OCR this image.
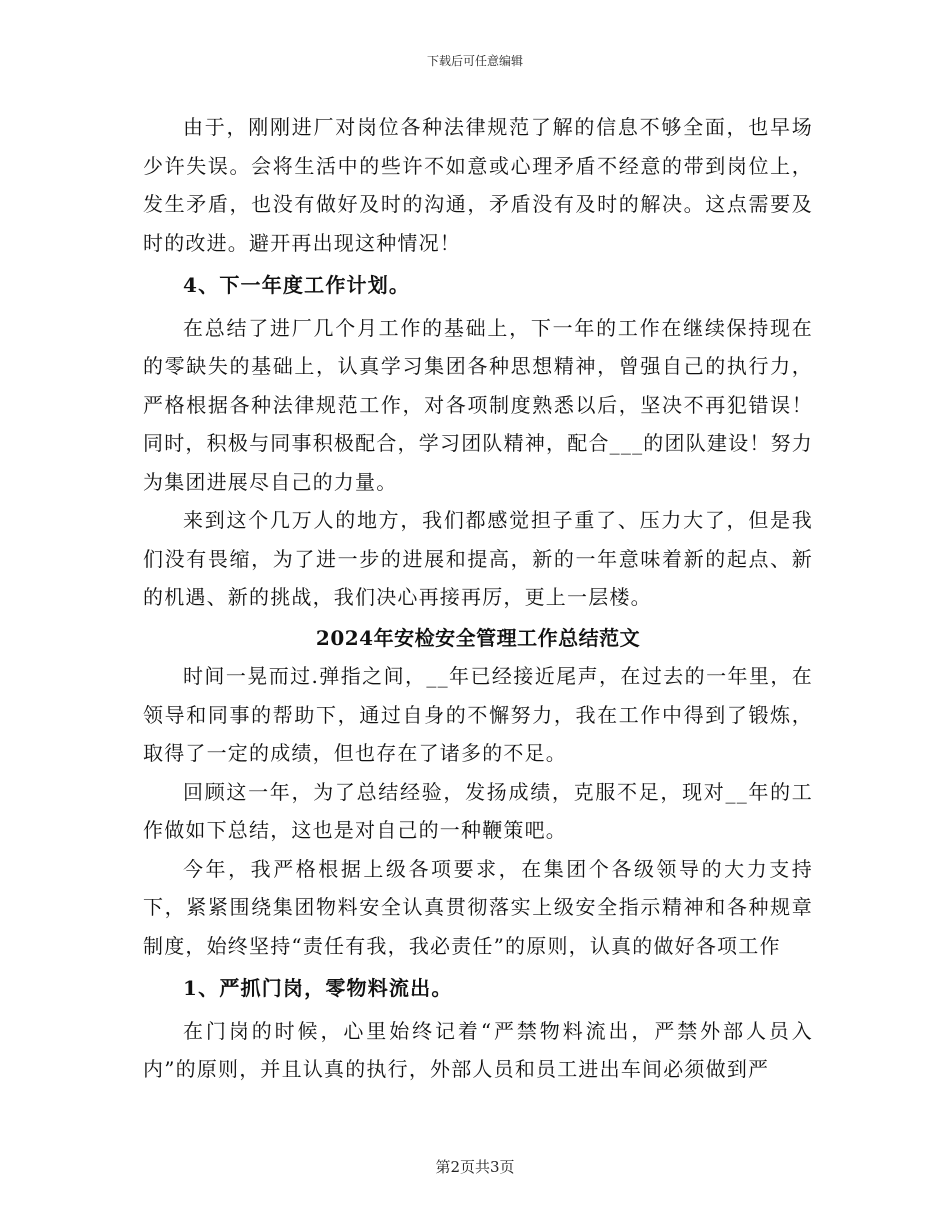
下载后可任意编辑

由于，刚刚进厂对岗位各种法律规范了解的信息不够全面，也早场少许失误。会将生活中的些许不如意或心理矛盾不经意的带到岗位上，发生矛盾，也没有做好及时的沟通，矛盾没有及时的解决。这点需要及时的改进。避开再出现这种情况！

4、下一年度工作计划。

在总结了进厂几个月工作的基础上，下一年的工作在继续保持现在的零缺失的基础上，认真学习集团各种思想精神，曾强自己的执行力，严格根据各种法律规范工作，对各项制度熟悉以后，坚决不再犯错误！同时，积极与同事积极配合，学习团队精神，配合___的团队建设！努力为集团进展尽自己的力量。

来到这个几万人的地方，我们都感觉担子重了、压力大了，但是我们没有畏缩，为了进一步的进展和提高，新的一年意味着新的起点、新的机遇、新的挑战，我们决心再接再厉，更上一层楼。

2024年安检安全管理工作总结范文

时间一晃而过.弹指之间，__年已经接近尾声，在过去的一年里，在领导和同事的帮助下，通过自身的不懈努力，我在工作中得到了锻炼，取得了一定的成绩，但也存在了诸多的不足。

回顾这一年，为了总结经验，发扬成绩，克服不足，现对__年的工作做如下总结，这也是对自己的一种鞭策吧。

今年，我严格根据上级各项要求，在集团个各级领导的大力支持下，紧紧围绕集团物料安全认真贯彻落实上级安全指示精神和各种规章制度，始终坚持“责任有我，我必责任”的原则，认真的做好各项工作

1、严抓门岗，零物料流出。

在门岗的时候，心里始终记着“严禁物料流出，严禁外部人员入内”的原则，并且认真的执行，外部人员和员工进出车间必须做到严

第2页共3页
